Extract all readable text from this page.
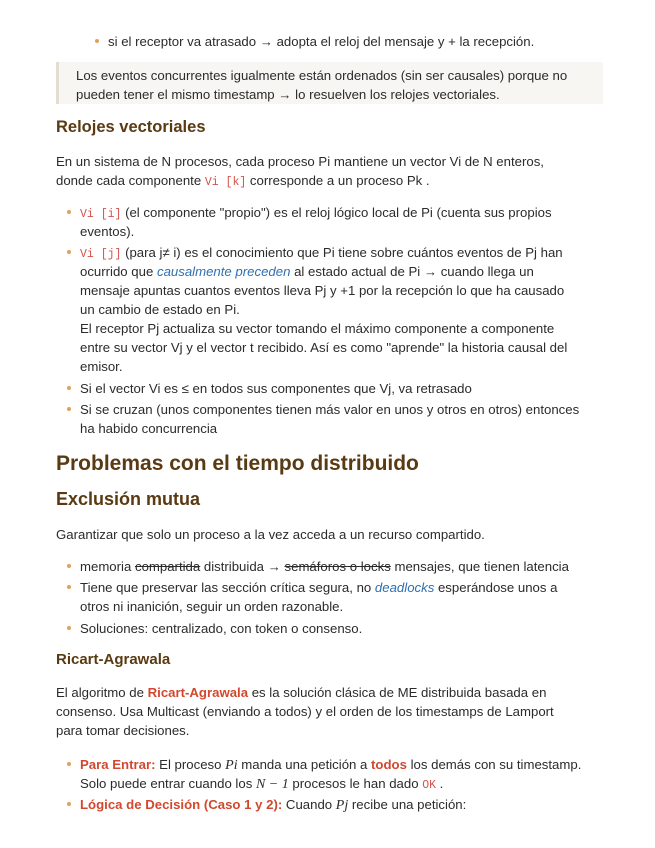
si el receptor va atrasado → adopta el reloj del mensaje y + la recepción.
Los eventos concurrentes igualmente están ordenados (sin ser causales) porque no
pueden tener el mismo timestamp → lo resuelven los relojes vectoriales.
Relojes vectoriales
En un sistema de N procesos, cada proceso Pi mantiene un vector Vi de N enteros,
donde cada componente Vi [k] corresponde a un proceso Pk .
Vi [i] (el componente "propio") es el reloj lógico local de Pi (cuenta sus propios
eventos).
Vi [j] (para j≠ i) es el conocimiento que Pi tiene sobre cuántos eventos de Pj han
ocurrido que causalmente preceden al estado actual de Pi → cuando llega un
mensaje apuntas cuantos eventos lleva Pj y +1 por la recepción lo que ha causado
un cambio de estado en Pi.
El receptor Pj actualiza su vector tomando el máximo componente a componente
entre su vector Vj y el vector t recibido. Así es como "aprende" la historia causal del
emisor.
Si el vector Vi es ≤ en todos sus componentes que Vj, va retrasado
Si se cruzan (unos componentes tienen más valor en unos y otros en otros) entonces
ha habido concurrencia
Problemas con el tiempo distribuido
Exclusión mutua
Garantizar que solo un proceso a la vez acceda a un recurso compartido.
memoria compartida distribuida → semáforos o locks mensajes, que tienen latencia
Tiene que preservar las sección crítica segura, no deadlocks esperándose unos a
otros ni inanición, seguir un orden razonable.
Soluciones: centralizado, con token o consenso.
Ricart-Agrawala
El algoritmo de Ricart-Agrawala es la solución clásica de ME distribuida basada en
consenso. Usa Multicast (enviando a todos) y el orden de los timestamps de Lamport
para tomar decisiones.
Para Entrar: El proceso Pi manda una petición a todos los demás con su timestamp.
Solo puede entrar cuando los N − 1 procesos le han dado OK .
Lógica de Decisión (Caso 1 y 2): Cuando Pj recibe una petición:
